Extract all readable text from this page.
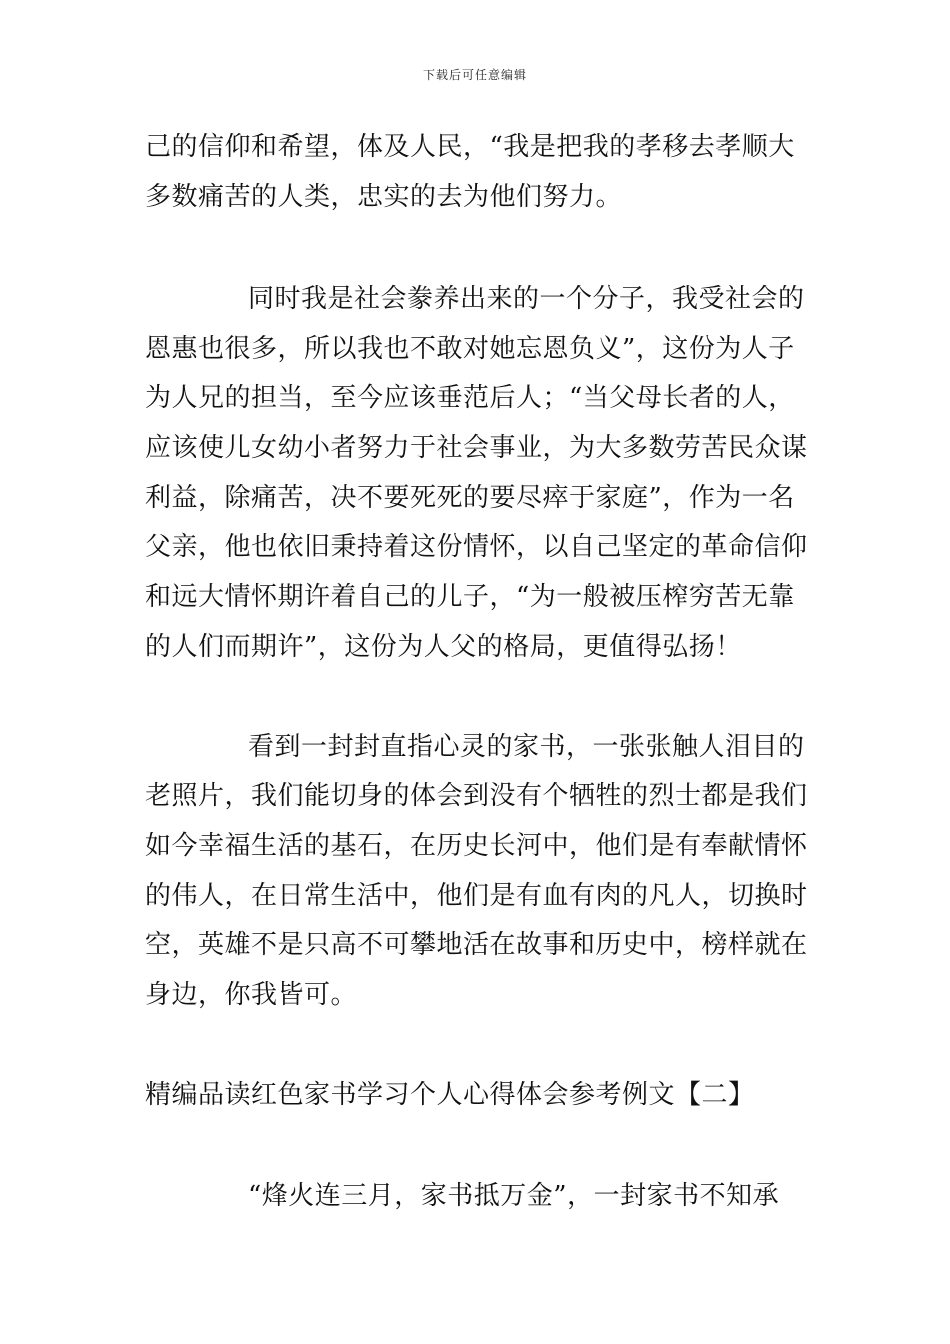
下载后可任意编辑

己的信仰和希望，体及人民，“我是把我的孝移去孝顺大

多数痛苦的人类，忠实的去为他们努力。

同时我是社会豢养出来的一个分子，我受社会的

恩惠也很多，所以我也不敢对她忘恩负义”，这份为人子

为人兄的担当，至今应该垂范后人；“当父母长者的人，

应该使儿女幼小者努力于社会事业，为大多数劳苦民众谋

利益，除痛苦，决不要死死的要尽瘁于家庭”，作为一名

父亲，他也依旧秉持着这份情怀，以自己坚定的革命信仰

和远大情怀期许着自己的儿子，“为一般被压榨穷苦无靠

的人们而期许”，这份为人父的格局，更值得弘扬！

看到一封封直指心灵的家书，一张张触人泪目的

老照片，我们能切身的体会到没有个牺牲的烈士都是我们

如今幸福生活的基石，在历史长河中，他们是有奉献情怀

的伟人，在日常生活中，他们是有血有肉的凡人，切换时

空，英雄不是只高不可攀地活在故事和历史中，榜样就在

身边，你我皆可。

精编品读红色家书学习个人心得体会参考例文【二】

“烽火连三月，家书抵万金”，一封家书不知承
